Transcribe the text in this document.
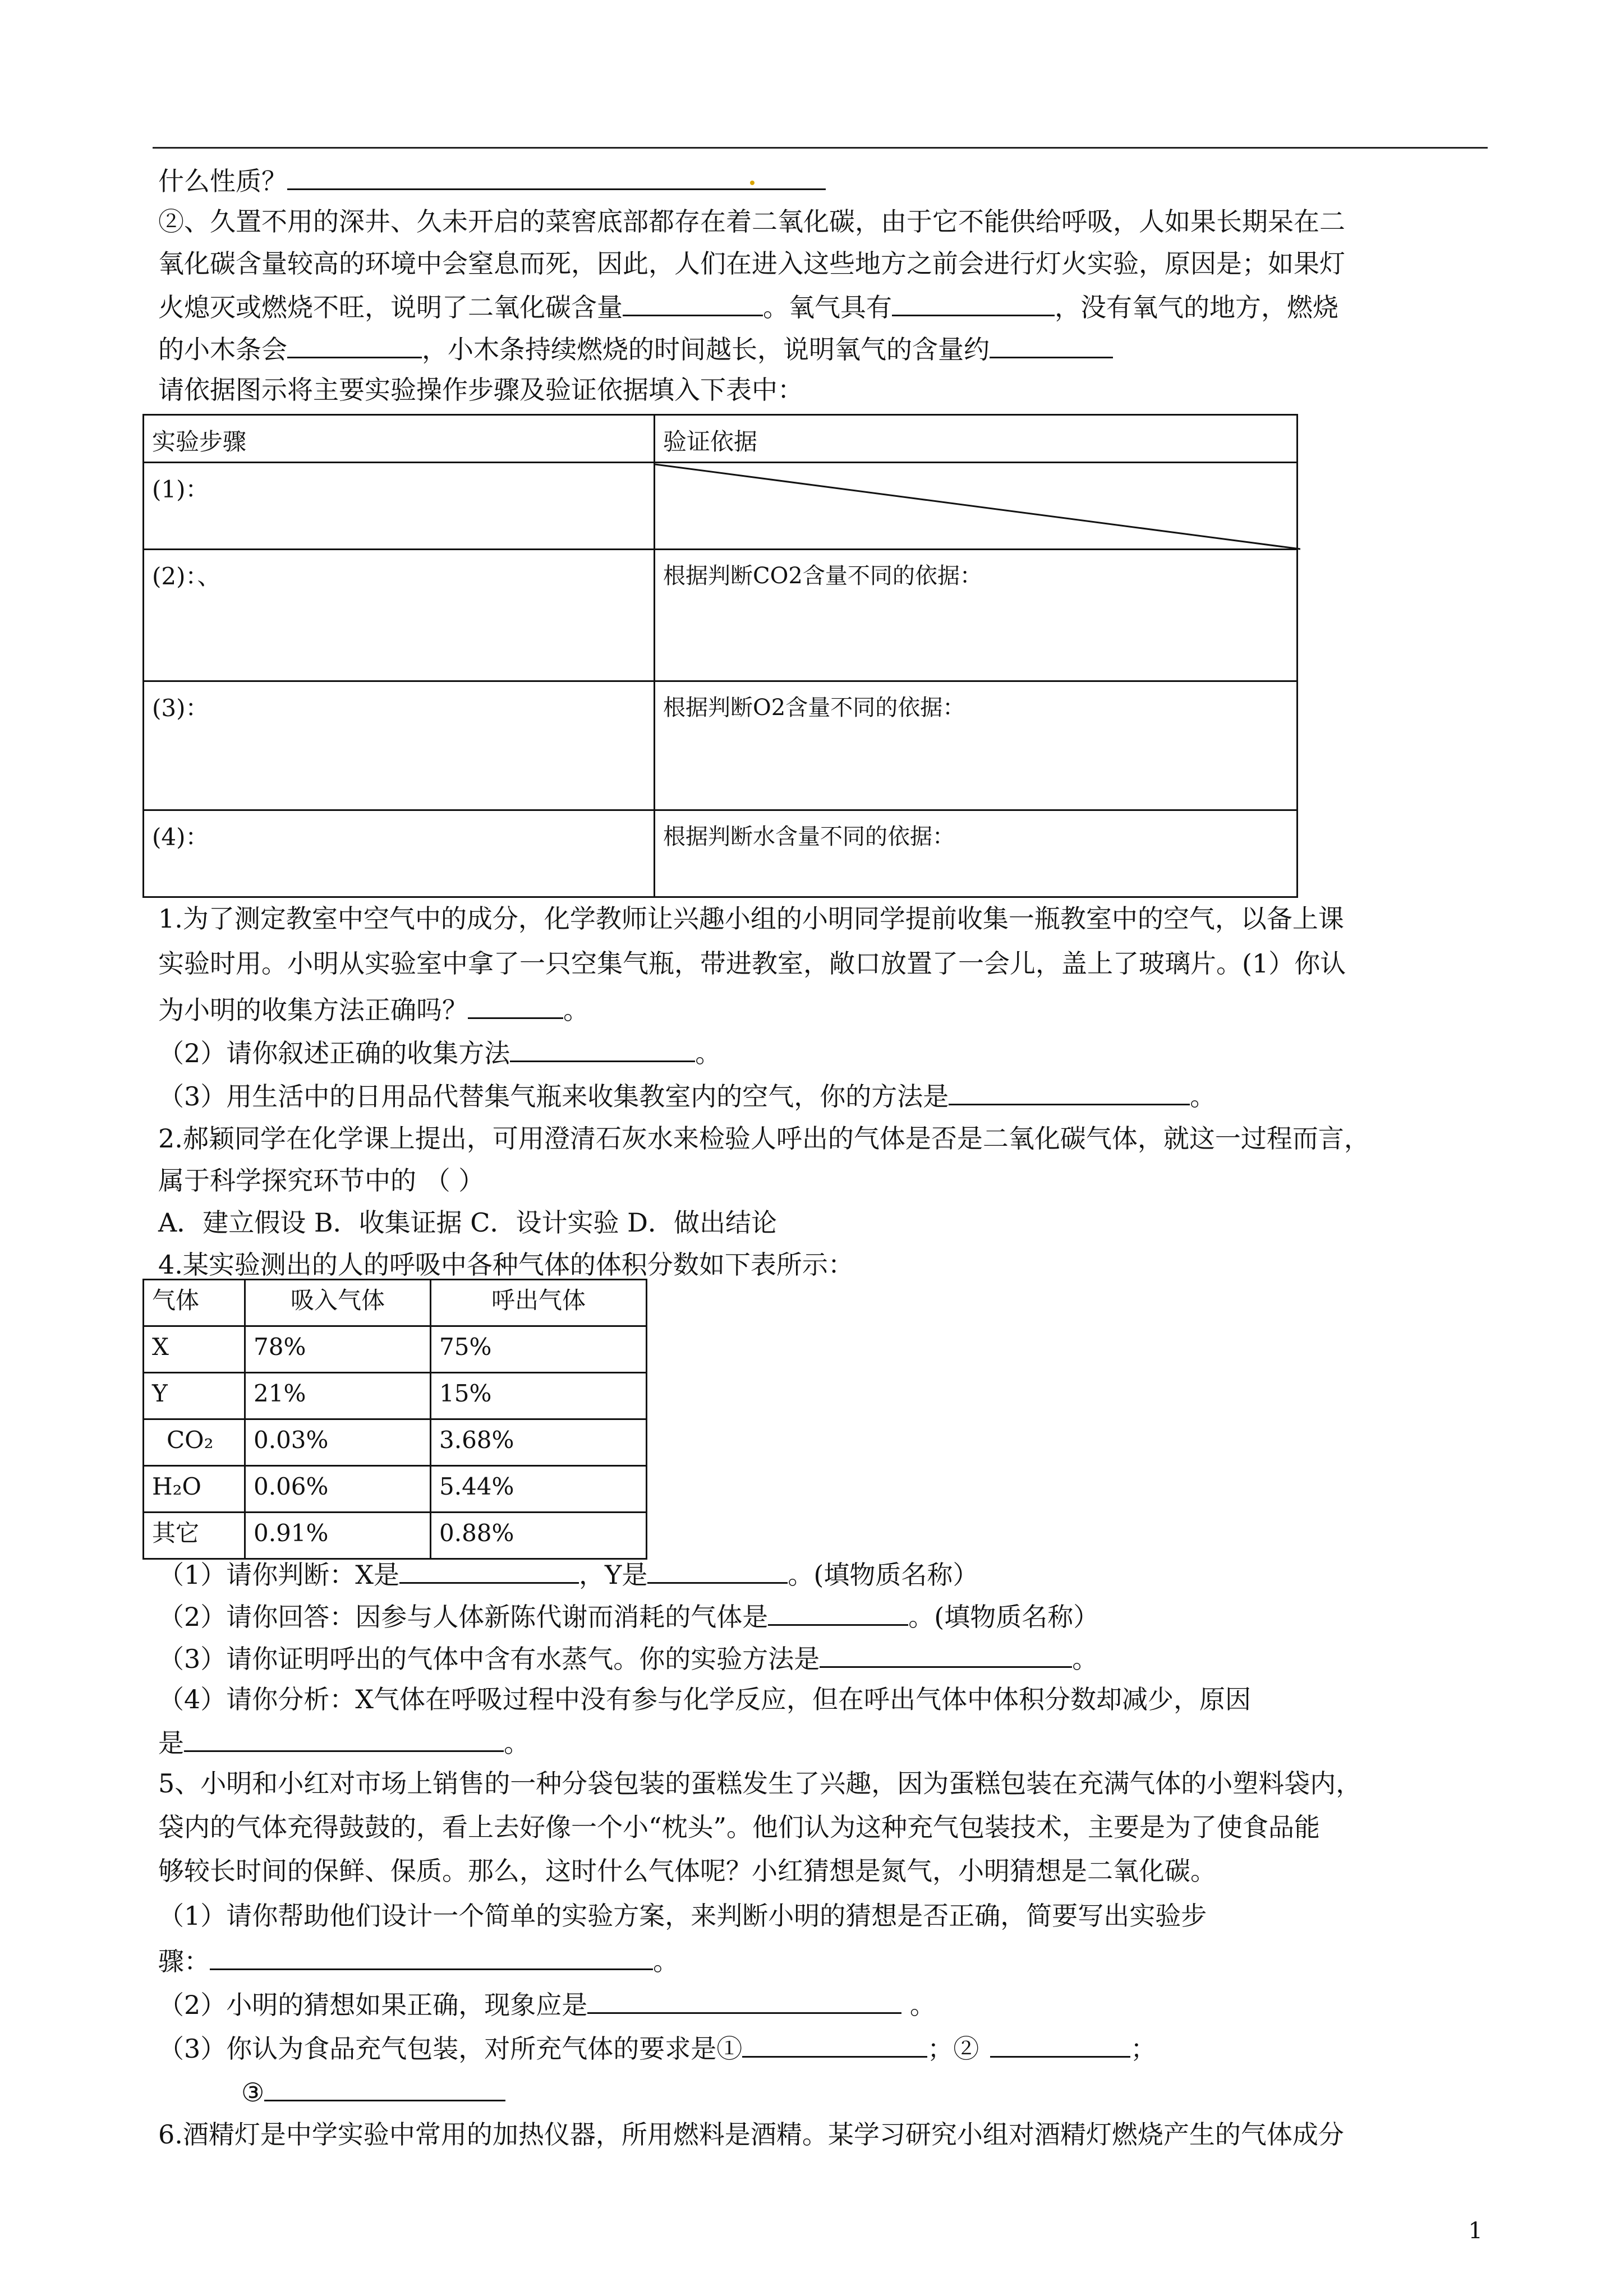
什么性质？
②、久置不用的深井、久未开启的菜窖底部都存在着二氧化碳，由于它不能供给呼吸，人如果长期呆在二
氧化碳含量较高的环境中会窒息而死，因此，人们在进入这些地方之前会进行灯火实验，原因是；如果灯
火熄灭或燃烧不旺，说明了二氧化碳含量	。氧气具有	，没有氧气的地方，燃烧
的小木条会	，小木条持续燃烧的时间越长，说明氧气的含量约
请依据图示将主要实验操作步骤及验证依据填入下表中：
实验步骤	验证依据
(1)：	

(2)：、	根据判断CO2含量不同的依据：
(3)：	根据判断O2含量不同的依据：
(4)：	根据判断水含量不同的依据：
1.为了测定教室中空气中的成分，化学教师让兴趣小组的小明同学提前收集一瓶教室中的空气，以备上课
实验时用。小明从实验室中拿了一只空集气瓶，带进教室，敞口放置了一会儿，盖上了玻璃片。(1）你认
为小明的收集方法正确吗？	。
（2）请你叙述正确的收集方法	。
（3）用生活中的日用品代替集气瓶来收集教室内的空气，你的方法是	。
2.郝颖同学在化学课上提出，可用澄清石灰水来检验人呼出的气体是否是二氧化碳气体，就这一过程而言，
属于科学探究环节中的 （ ）
A．建立假设 B．收集证据 C．设计实验 D．做出结论
4.某实验测出的人的呼吸中各种气体的体积分数如下表所示：
气体	吸入气体	呼出气体
X	78%	75%
Y	21%	15%
CO₂	0.03%	3.68%
H₂O	0.06%	5.44%
其它	0.91%	0.88%
（1）请你判断：X是	，Y是	。(填物质名称）
（2）请你回答：因参与人体新陈代谢而消耗的气体是	。(填物质名称）
（3）请你证明呼出的气体中含有水蒸气。你的实验方法是	。
（4）请你分析：X气体在呼吸过程中没有参与化学反应，但在呼出气体中体积分数却减少，原因
是	。
5、小明和小红对市场上销售的一种分袋包装的蛋糕发生了兴趣，因为蛋糕包装在充满气体的小塑料袋内，
袋内的气体充得鼓鼓的，看上去好像一个小“枕头”。他们认为这种充气包装技术，主要是为了使食品能
够较长时间的保鲜、保质。那么，这时什么气体呢？小红猜想是氮气，小明猜想是二氧化碳。
（1）请你帮助他们设计一个简单的实验方案，来判断小明的猜想是否正确，简要写出实验步
骤：	。
（2）小明的猜想如果正确，现象应是	。
（3）你认为食品充气包装，对所充气体的要求是①	；②	；
③
6.酒精灯是中学实验中常用的加热仪器，所用燃料是酒精。某学习研究小组对酒精灯燃烧产生的气体成分
1
